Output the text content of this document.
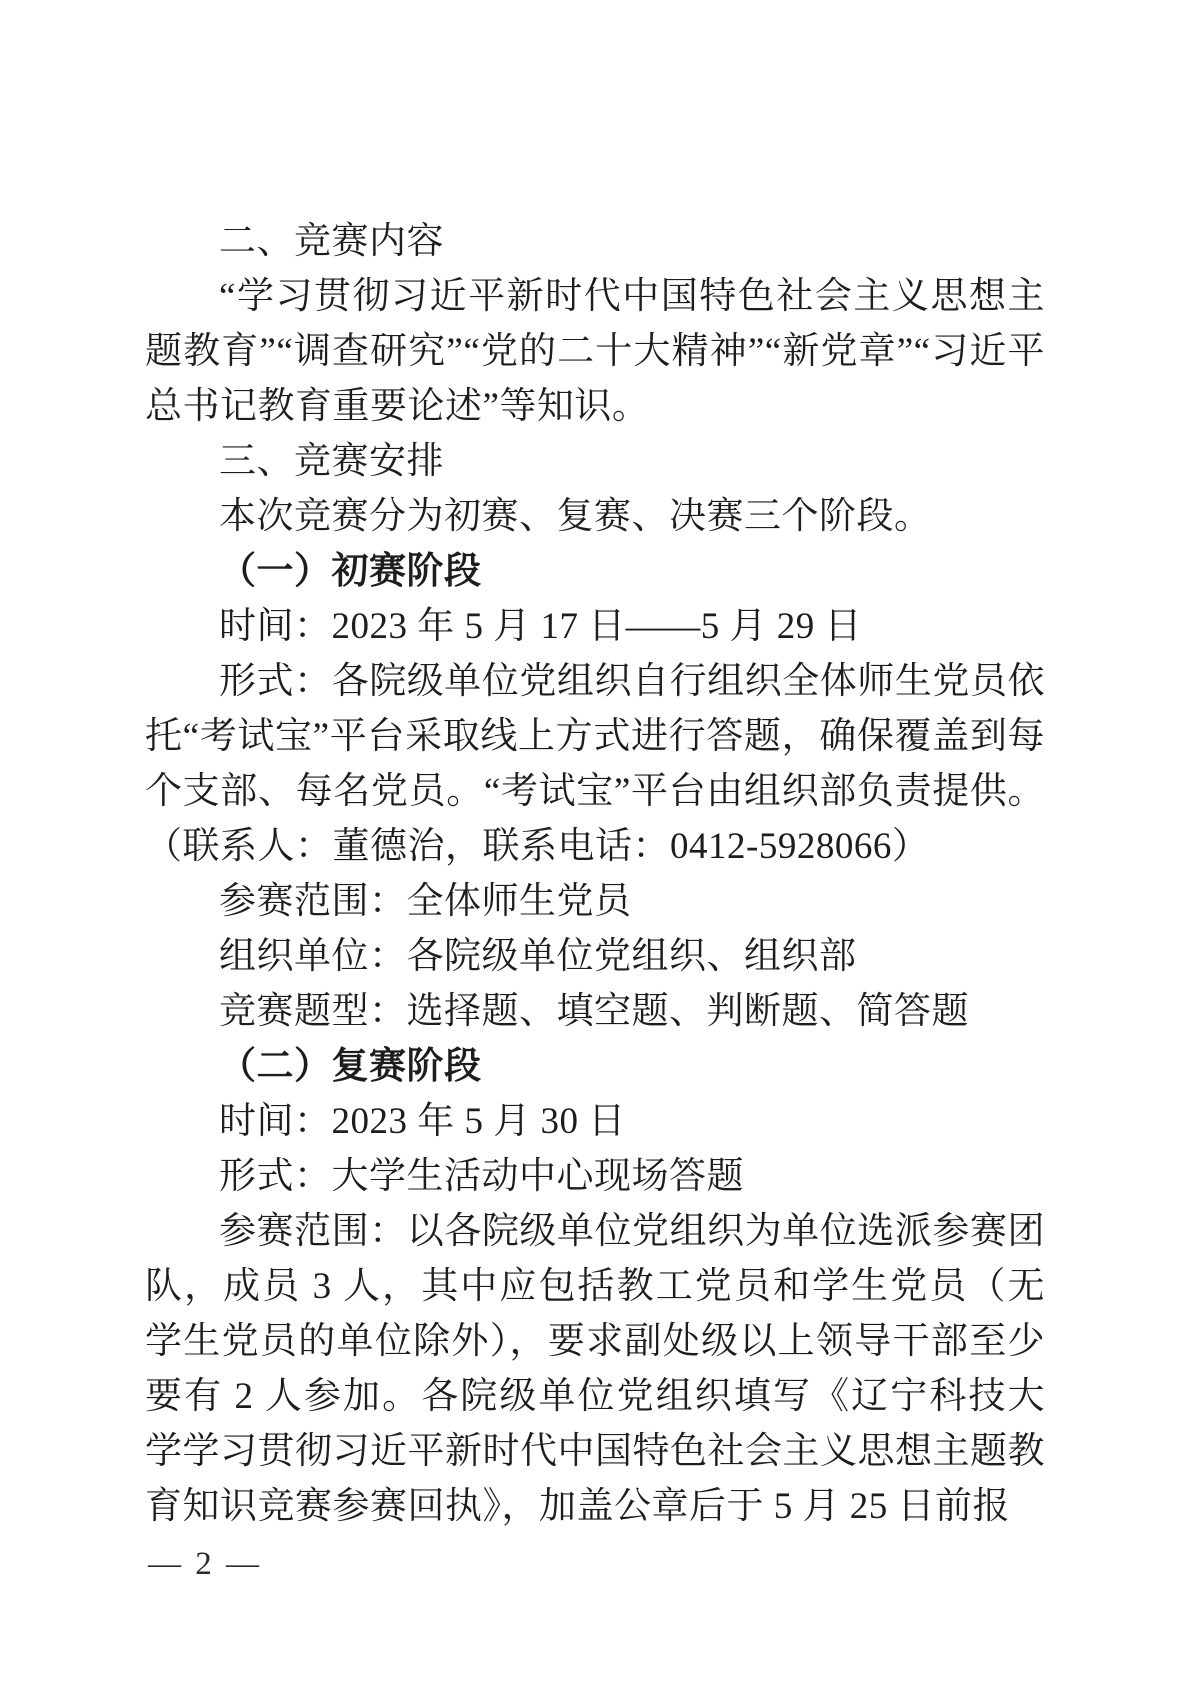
二、竞赛内容

“学习贯彻习近平新时代中国特色社会主义思想主题教育”“调查研究”“党的二十大精神”“新党章”“习近平总书记教育重要论述”等知识。

三、竞赛安排

本次竞赛分为初赛、复赛、决赛三个阶段。

（一）初赛阶段

时间：2023 年 5 月 17 日——5 月 29 日

形式：各院级单位党组织自行组织全体师生党员依托“考试宝”平台采取线上方式进行答题，确保覆盖到每个支部、每名党员。“考试宝”平台由组织部负责提供。（联系人：董德治，联系电话：0412-5928066）

参赛范围：全体师生党员

组织单位：各院级单位党组织、组织部

竞赛题型：选择题、填空题、判断题、简答题

（二）复赛阶段

时间：2023 年 5 月 30 日

形式：大学生活动中心现场答题

参赛范围：以各院级单位党组织为单位选派参赛团队，成员 3 人，其中应包括教工党员和学生党员（无学生党员的单位除外），要求副处级以上领导干部至少要有 2 人参加。各院级单位党组织填写《辽宁科技大学学习贯彻习近平新时代中国特色社会主义思想主题教育知识竞赛参赛回执》，加盖公章后于 5 月 25 日前报

— 2 —
